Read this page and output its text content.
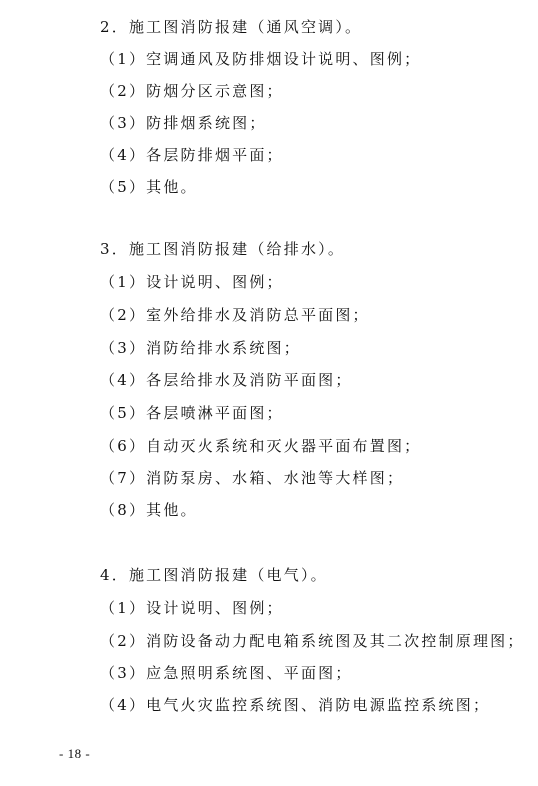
2．施工图消防报建（通风空调）。
（1）空调通风及防排烟设计说明、图例；
（2）防烟分区示意图；
（3）防排烟系统图；
（4）各层防排烟平面；
（5）其他。
3．施工图消防报建（给排水）。
（1）设计说明、图例；
（2）室外给排水及消防总平面图；
（3）消防给排水系统图；
（4）各层给排水及消防平面图；
（5）各层喷淋平面图；
（6）自动灭火系统和灭火器平面布置图；
（7）消防泵房、水箱、水池等大样图；
（8）其他。
4．施工图消防报建（电气）。
（1）设计说明、图例；
（2）消防设备动力配电箱系统图及其二次控制原理图；
（3）应急照明系统图、平面图；
（4）电气火灾监控系统图、消防电源监控系统图；
- 18 -
